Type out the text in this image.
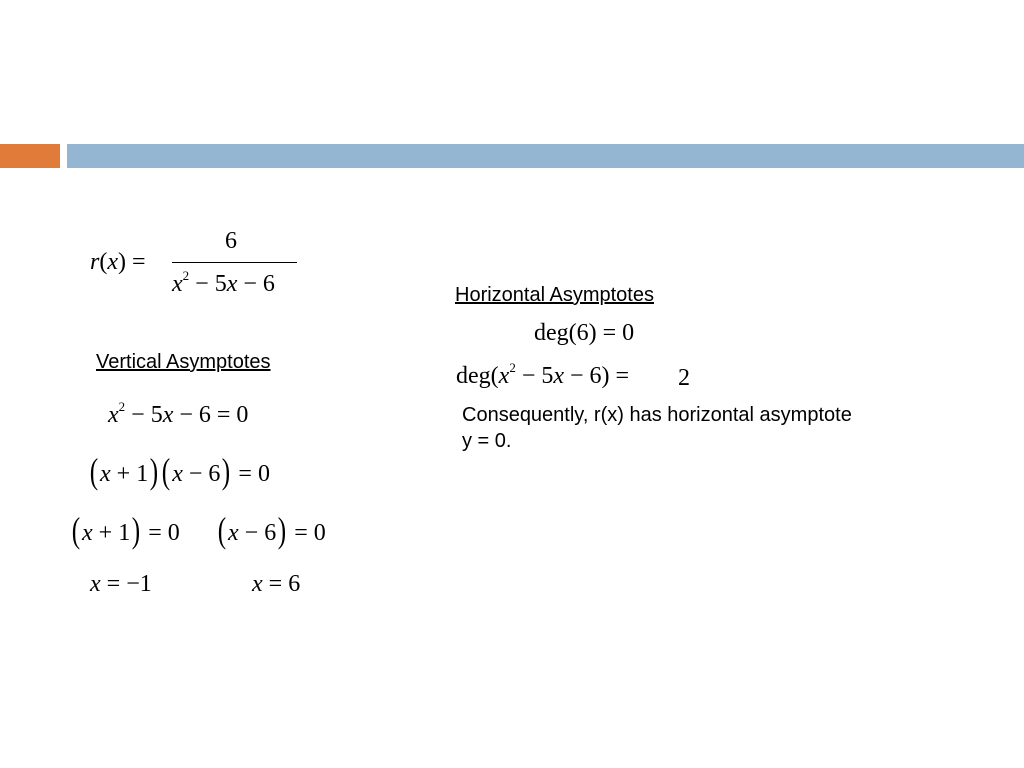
r(x) =
6
$x^2 - 5x - 6$
Vertical Asymptotes
$x^2 - 5x - 6 = 0$
(x + 1) (x − 6) = 0
(x + 1) = 0 (x − 6) = 0
x = −1	x = 6
Horizontal Asymptotes
deg(6) = 0
$deg(x^2 - 5x - 6) = 2$
Consequently, r(x) has horizontal asymptote y = 0.
